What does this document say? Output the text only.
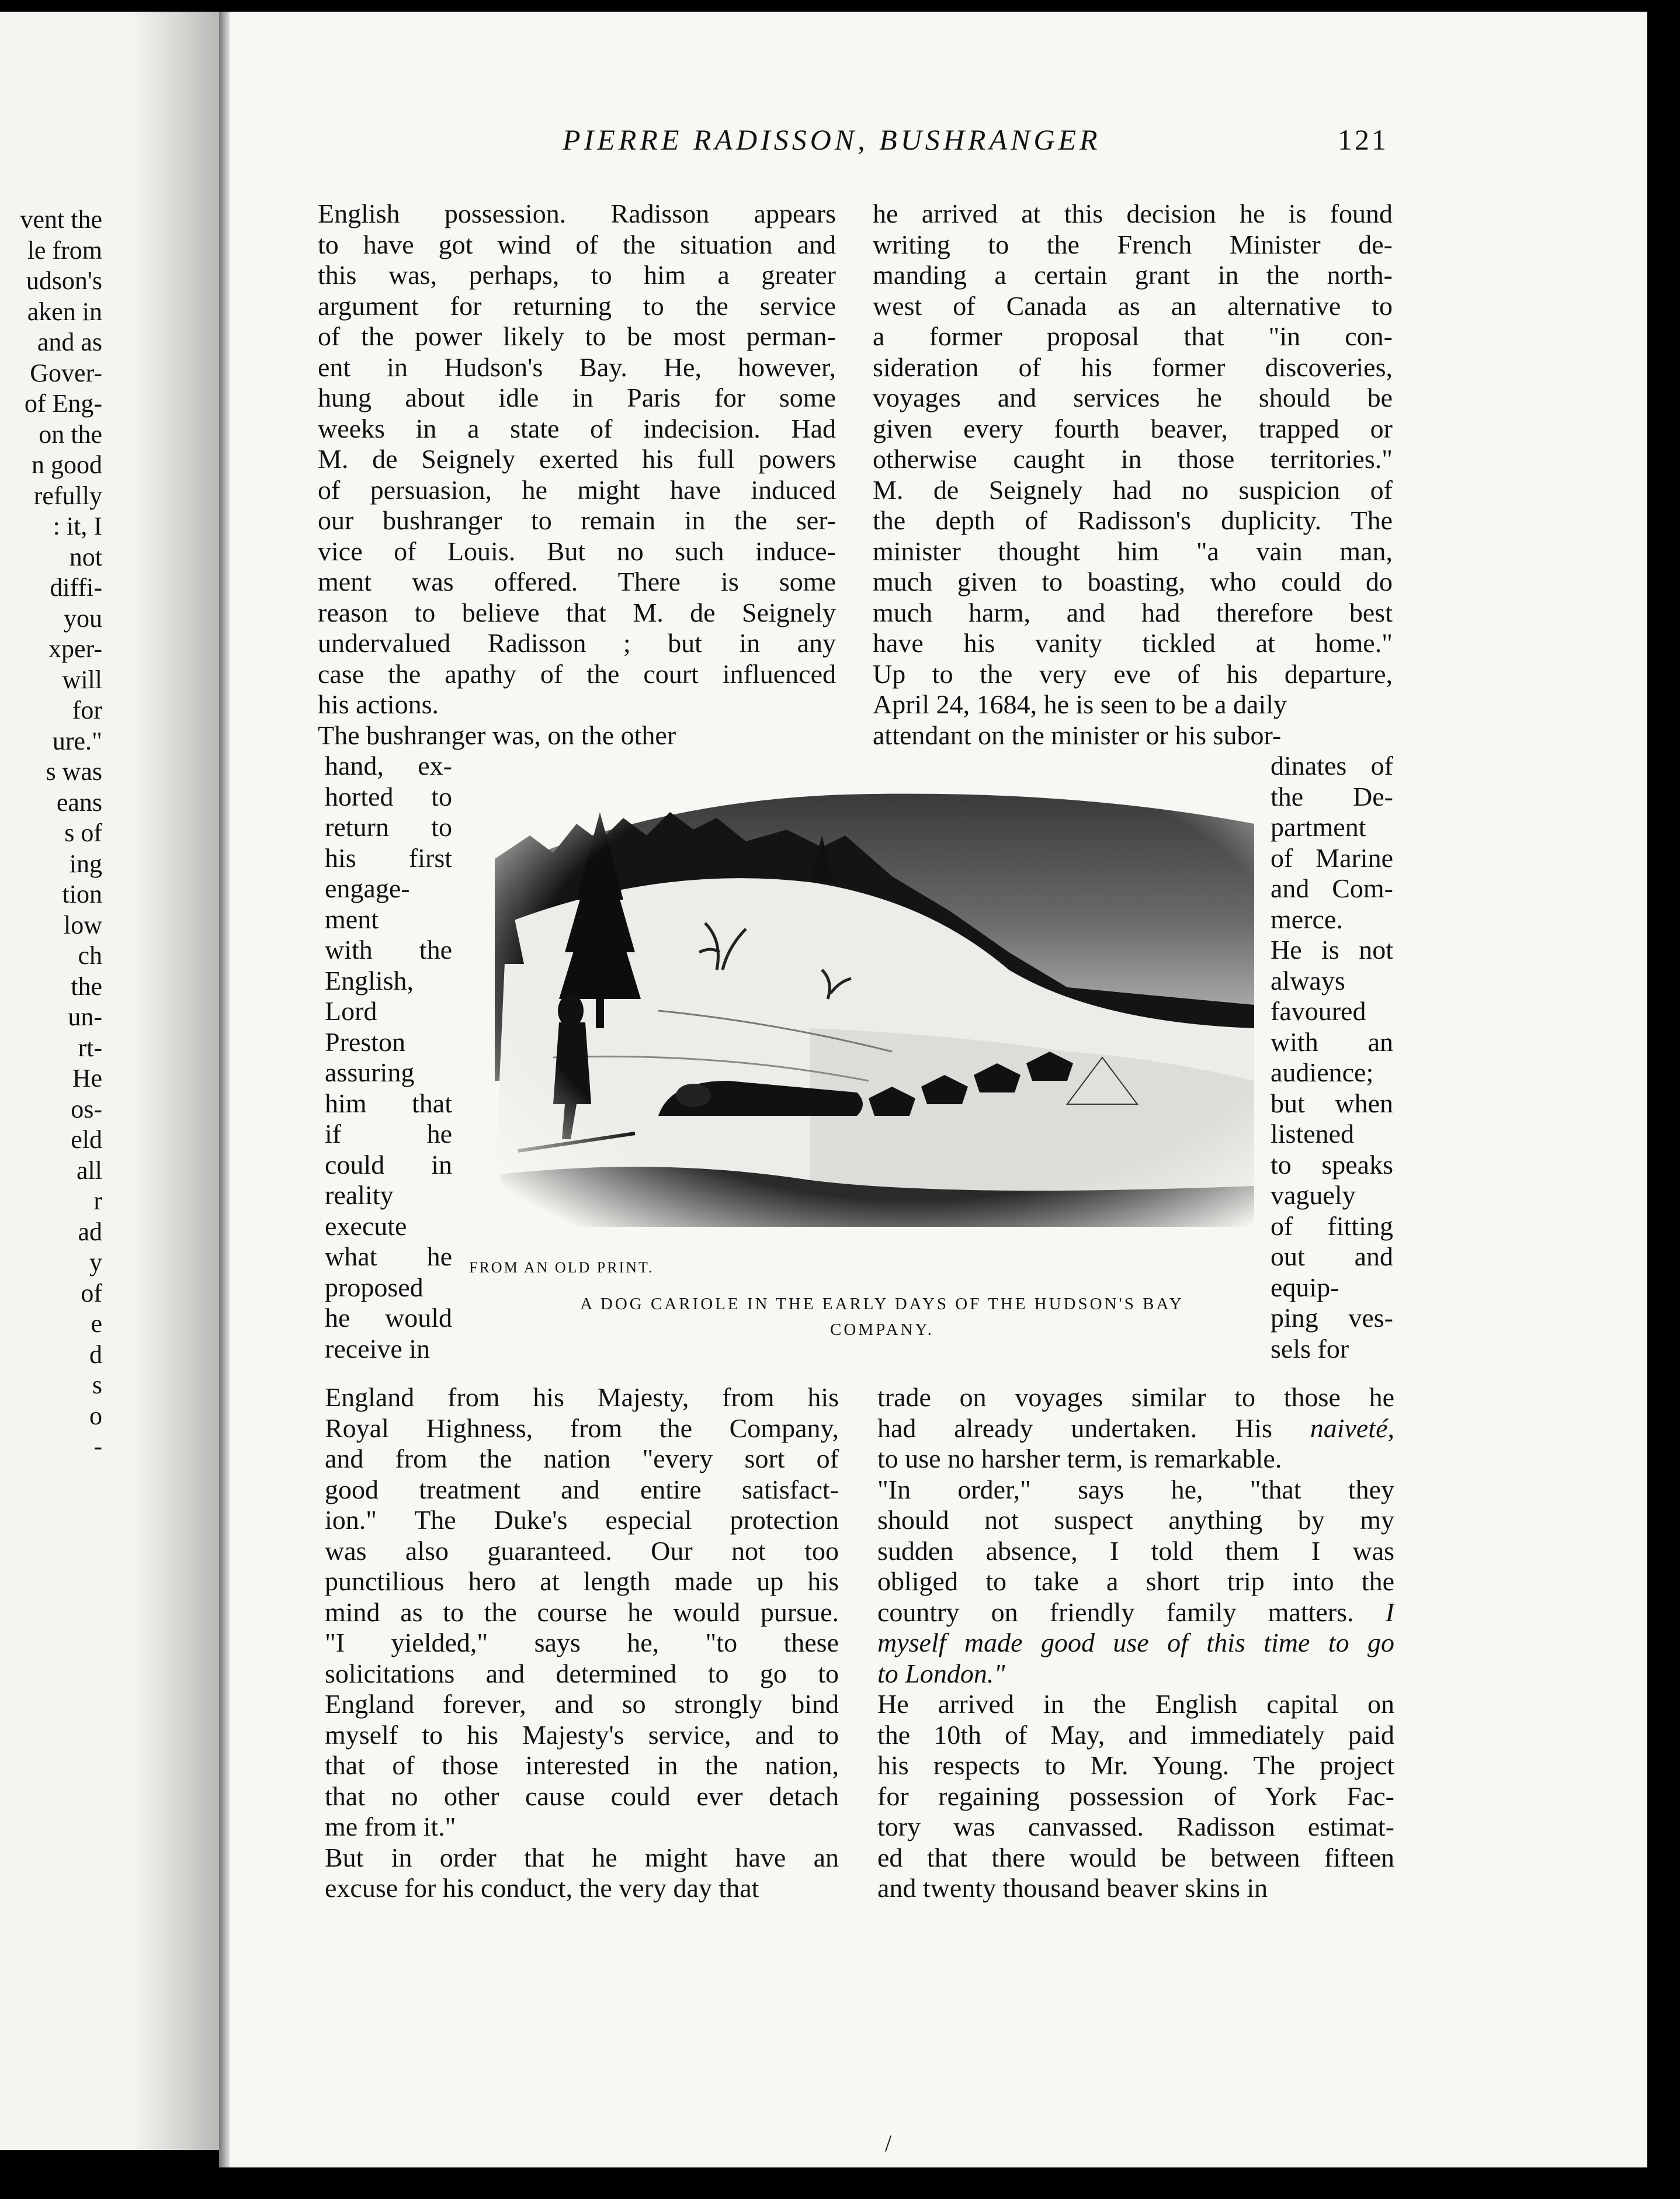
vent the
le from
udson's
aken in
and as
Gover-
of Eng-
on the
n good
refully
: it, I
not
diffi-
you
xper-
will
for
ure."
s was
eans
s of
ing
tion
low
ch
the
un-
rt-
He
os-
eld
all
r
ad
y
of
e
d
s
o
-
PIERRE RADISSON, BUSHRANGER	121
English possession. Radisson appears
to have got wind of the situation and
this was, perhaps, to him a greater
argument for returning to the service
of the power likely to be most perman-
ent in Hudson's Bay. He, however,
hung about idle in Paris for some
weeks in a state of indecision. Had
M. de Seignely exerted his full powers
of persuasion, he might have induced
our bushranger to remain in the ser-
vice of Louis. But no such induce-
ment was offered. There is some
reason to believe that M. de Seignely
undervalued Radisson ; but in any
case the apathy of the court influenced
his actions.
The bushranger was, on the other
hand, ex-
horted to
return to
his first
engage-
ment
with the
English,
Lord
Preston
assuring
him that
if he
could in
reality
execute
what he
proposed
he would
receive in
England from his Majesty, from his
Royal Highness, from the Company,
and from the nation "every sort of
good treatment and entire satisfact-
ion." The Duke's especial protection
was also guaranteed. Our not too
punctilious hero at length made up his
mind as to the course he would pursue.
"I yielded," says he, "to these
solicitations and determined to go to
England forever, and so strongly bind
myself to his Majesty's service, and to
that of those interested in the nation,
that no other cause could ever detach
me from it."
But in order that he might have an
excuse for his conduct, the very day that
he arrived at this decision he is found
writing to the French Minister de-
manding a certain grant in the north-
west of Canada as an alternative to
a former proposal that "in con-
sideration of his former discoveries,
voyages and services he should be
given every fourth beaver, trapped or
otherwise caught in those territories."
M. de Seignely had no suspicion of
the depth of Radisson's duplicity. The
minister thought him "a vain man,
much given to boasting, who could do
much harm, and had therefore best
have his vanity tickled at home."
Up to the very eve of his departure,
April 24, 1684, he is seen to be a daily
attendant on the minister or his subor-
dinates of
the De-
partment
of Marine
and Com-
merce.
He is not
always
favoured
with an
audience;
but when
listened
to speaks
vaguely
of fitting
out and
equip-
ping ves-
sels for
trade on voyages similar to those he
had already undertaken. His naiveté,
to use no harsher term, is remarkable.
"In order," says he, "that they
should not suspect anything by my
sudden absence, I told them I was
obliged to take a short trip into the
country on friendly family matters. I
myself made good use of this time to go
to London."
He arrived in the English capital on
the 10th of May, and immediately paid
his respects to Mr. Young. The project
for regaining possession of York Fac-
tory was canvassed. Radisson estimat-
ed that there would be between fifteen
and twenty thousand beaver skins in
FROM AN OLD PRINT.
A DOG CARIOLE IN THE EARLY DAYS OF THE HUDSON'S BAY
COMPANY.
/
